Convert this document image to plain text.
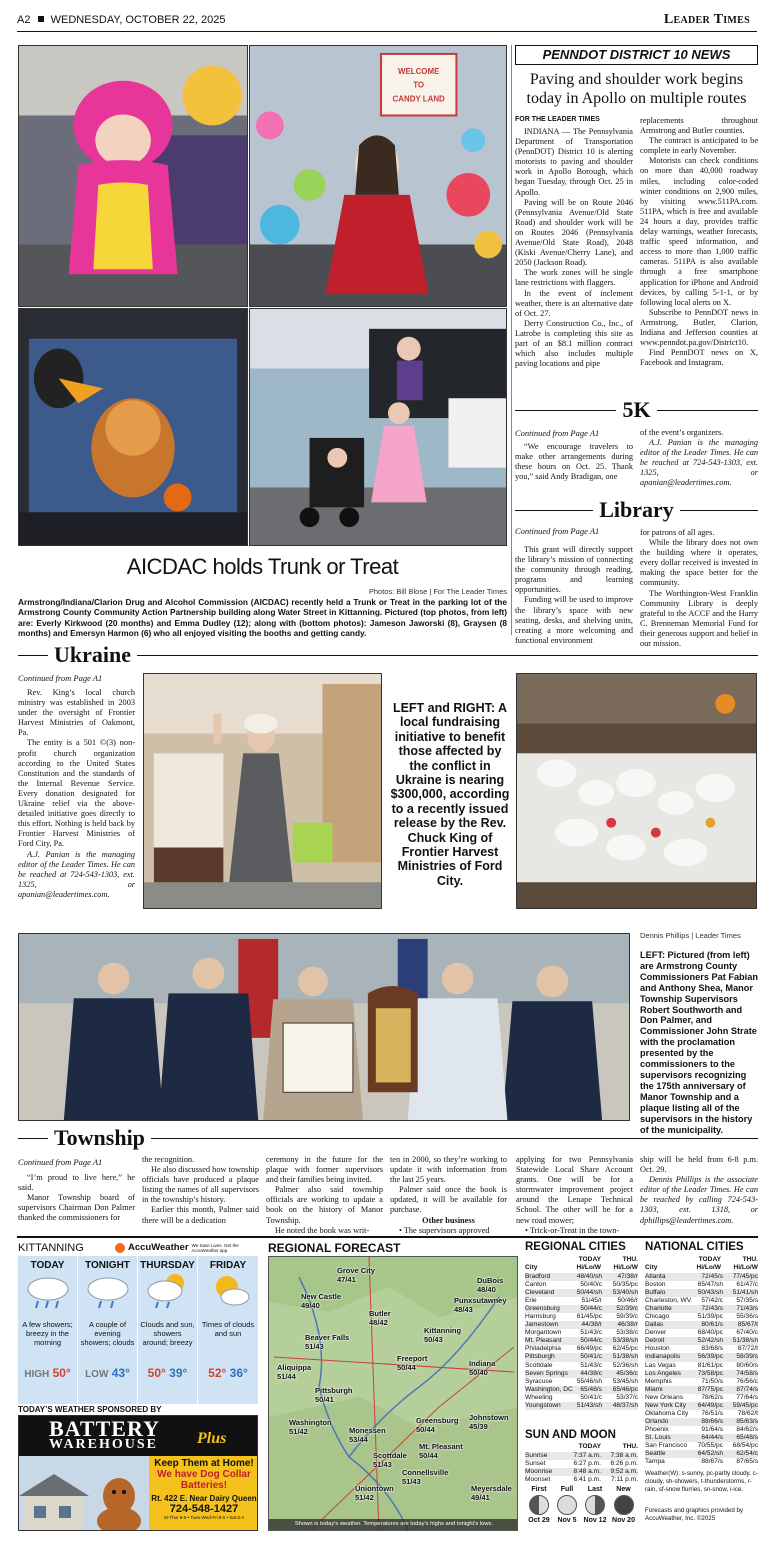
A2 WEDNESDAY, OCTOBER 22, 2025	Leader Times
WELCOME
TO
CANDY LAND
AICDAC holds Trunk or Treat
Photos: Bill Blose | For The Leader Times
Armstrong/Indiana/Clarion Drug and Alcohol Commission (AICDAC) recently held a Trunk or Treat in the parking lot of the Armstrong County Community Action Partnership building along Water Street in Kittanning. Pictured (top photos, from left) are: Everly Kirkwood (20 months) and Emma Dudley (12); along with (bottom photos): Jameson Jaworski (8), Graysen (8 months) and Emersyn Harmon (6) who all enjoyed visiting the booths and getting candy.
PENNDOT DISTRICT 10 NEWS
Paving and shoulder work begins today in Apollo on multiple routes
FOR THE LEADER TIMES

INDIANA — The Pennsylvania Department of Transportation (PennDOT) District 10 is alerting motorists to paving and shoulder work in Apollo Borough, which began Tuesday, through Oct. 25 in Apollo.

Paving will be on Route 2046 (Pennsylvania Avenue/Old State Road) and shoulder work will be on Routes 2046 (Pennsylvania Avenue/Old State Road), 2048 (Kiski Avenue/Cherry Lane), and 2050 (Jackson Road).

The work zones will be single lane restrictions with flaggers.

In the event of inclement weather, there is an alternative date of Oct. 27.

Derry Construction Co., Inc., of Latrobe is completing this site as part of an $8.1 million contract which also includes multiple paving locations and pipe

replacements throughout Armstrong and Butler counties.

The contract is anticipated to be complete in early November.

Motorists can check conditions on more than 40,000 roadway miles, including color-coded winter conditions on 2,900 miles, by visiting www.511PA.com. 511PA, which is free and available 24 hours a day, provides traffic delay warnings, weather forecasts, traffic speed information, and access to more than 1,000 traffic cameras. 511PA is also available through a free smartphone application for iPhone and Android devices, by calling 5-1-1, or by following local alerts on X.

Subscribe to PennDOT news in Armstrong, Butler, Clarion, Indiana and Jefferson counties at www.penndot.pa.gov/District10.

Find PennDOT news on X, Facebook and Instagram.

5K
Continued from Page A1

“We encourage travelers to make other arrangements during these hours on Oct. 25. Thank you,” said Andy Bradigan, one

of the event’s organizers.

A.J. Panian is the managing editor of the Leader Times. He can be reached at 724-543-1303, ext. 1325, or apanian@leadertimes.com.

Library
Continued from Page A1

This grant will directly support the library’s mission of connecting the community through reading, programs and learning opportunities.

Funding will be used to improve the library’s space with new seating, desks, and shelving units, creating a more welcoming and functional environment

for patrons of all ages.

While the library does not own the building where it operates, every dollar received is invested in making the space better for the community.

The Worthington-West Franklin Community Library is deeply grateful to the ACCF and the Harry C. Brenneman Memorial Fund for their generous support and belief in our mission.

Ukraine
Continued from Page A1

Rev. King’s local church ministry was established in 2003 under the oversight of Frontier Harvest Ministries of Oakmont, Pa.

The entity is a 501 ©(3) non-profit church organization according to the United States Constitution and the standards of the Internal Revenue Service. Every donation designated for Ukraine relief via the above-detailed initiative goes directly to this effort. Nothing is held back by Frontier Harvest Ministries of Ford City, Pa.

A.J. Panian is the managing editor of the Leader Times. He can be reached at 724-543-1303, ext. 1325, or apanian@leadertimes.com.

LEFT and RIGHT: A local fundraising initiative to benefit those affected by the conflict in Ukraine is nearing $300,000, according to a recently issued release by the Rev. Chuck King of Frontier Harvest Ministries of Ford City.
Dennis Phillips | Leader Times
LEFT: Pictured (from left) are Armstrong County Commissioners Pat Fabian and Anthony Shea, Manor Township Supervisors Robert Southworth and Don Palmer, and Commissioner John Strate with the proclamation presented by the commissioners to the supervisors recognizing the 175th anniversary of Manor Township and a plaque listing all of the supervisors in the history of the municipality.
Township
Continued from Page A1

“I’m proud to live here,” he said.

Manor Township board of supervisors Chairman Don Palmer thanked the commissioners for

the recognition.

He also discussed how township officials have produced a plaque listing the names of all supervisors in the township’s history.

Earlier this month, Palmer said there will be a dedication

ceremony in the future for the plaque with former supervisors and their families being invited.

Palmer also said township officials are working to update a book on the history of Manor Township.

He noted the book was writ-

ten in 2000, so they’re working to update it with information from the last 25 years.

Palmer said once the book is updated, it will be available for purchase.

Other business

• The supervisors approved

applying for two Pennsylvania Statewide Local Share Account grants. One will be for a stormwater improvement project around the Lenape Technical School. The other will be for a new road mower;

• Trick-or-Treat in the town-

ship will be held from 6-8 p.m. Oct. 29.

Dennis Phillips is the associate editor of the Leader Times. He can be reached by calling 724-543-1303, ext. 1318, or dphillips@leadertimes.com.

KITTANNING	AccuWeather We Save Lives. Get the AccuWeather app.
TODAY
A few showers; breezy in the morning
HIGH 50°
TONIGHT
A couple of evening showers; clouds
LOW 43°
THURSDAY
Clouds and sun, showers around; breezy
50° 39°
FRIDAY
Times of clouds and sun
52° 36°
TODAY’S WEATHER SPONSORED BY
BATTERY
WAREHOUSE Plus
Keep Them at Home!
We have Dog Collar Batteries!
Rt. 422 E. Near Dairy Queen
724-548-1427
M-Thur 8-6 • Tues-Wed-Fri 8-5 • Sat 8-4
REGIONAL FORECAST
Grove City
47/41	DuBois
48/40
New Castle
49/40	Punxsutawney
48/43
Butler
48/42
Kittanning
50/43
Beaver Falls
51/43
Indiana
50/40
Aliquippa
51/44
Freeport
50/44
Pittsburgh
50/41
Washington
51/42	Monessen
53/44
Greensburg
50/44
Johnstown
45/39
Mt. Pleasant
50/44
Scottdale
51/43
Connellsville
51/43
Uniontown
51/42
Meyersdale
49/41
Shown is today's weather. Temperatures are today's highs and tonight's lows.
REGIONAL CITIES
TODAY	THU.
City	Hi/Lo/W	Hi/Lo/W
Bradford	48/40/sh	47/38/r
Canton	50/40/c	50/35/pc
Cleveland	50/44/sh	53/40/sh
Erie	51/45/r	50/46/r
Greensburg	50/44/c	52/39/c
Harrisburg	61/45/pc	59/39/c
Jamestown	44/38/r	46/38/r
Morgantown	51/43/c	53/38/c
Mt. Pleasant	50/44/c	53/38/sh
Philadelphia	66/49/pc	62/45/pc
Pittsburgh	50/41/c	51/38/sh
Scottdale	51/43/c	52/36/sh
Seven Springs	44/38/c	45/36/c
Syracuse	55/46/sh	53/45/sh
Washington, DC	65/48/s	65/46/pc
Wheeling	50/41/c	53/37/c
Youngstown	51/43/sh	48/37/sh
SUN AND MOON
TODAY	THU.
Sunrise	7:37 a.m.	7:38 a.m.
Sunset	6:27 p.m.	6:26 p.m.
Moonrise	8:48 a.m.	9:52 a.m.
Moonset	6:41 p.m.	7:11 p.m.
First
Oct 29
Full
Nov 5
Last
Nov 12
New
Nov 20
NATIONAL CITIES
TODAY	THU.
City	Hi/Lo/W	Hi/Lo/W
Atlanta	72/45/s	77/45/pc
Boston	65/47/sh	61/47/c
Buffalo	50/43/sh	51/41/sh
Charleston, WV	57/42/c	57/35/s
Charlotte	72/43/s	71/43/s
Chicago	51/39/pc	55/36/s
Dallas	80/61/s	85/67/t
Denver	68/40/pc	67/40/c
Detroit	52/42/sh	51/38/sh
Houston	83/68/s	87/72/t
Indianapolis	56/39/pc	58/39/s
Las Vegas	81/61/pc	80/60/s
Los Angeles	73/58/pc	74/58/s
Memphis	71/50/s	76/56/c
Miami	87/75/pc	87/74/s
New Orleans	78/62/s	77/64/s
New York City	64/49/pc	59/45/pc
Oklahoma City	76/51/s	78/62/t
Orlando	88/66/s	85/63/s
Phoenix	91/64/s	84/62/s
St. Louis	64/44/s	65/48/s
San Francisco	70/55/pc	68/54/pc
Seattle	64/52/sh	62/54/c
Tampa	88/67/s	87/65/s
Weather(W): s-sunny, pc-partly cloudy, c-cloudy, sh-showers, t-thunderstorms, r-rain, sf-snow flurries, sn-snow, i-ice.
Forecasts and graphics provided by AccuWeather, Inc. ©2025
